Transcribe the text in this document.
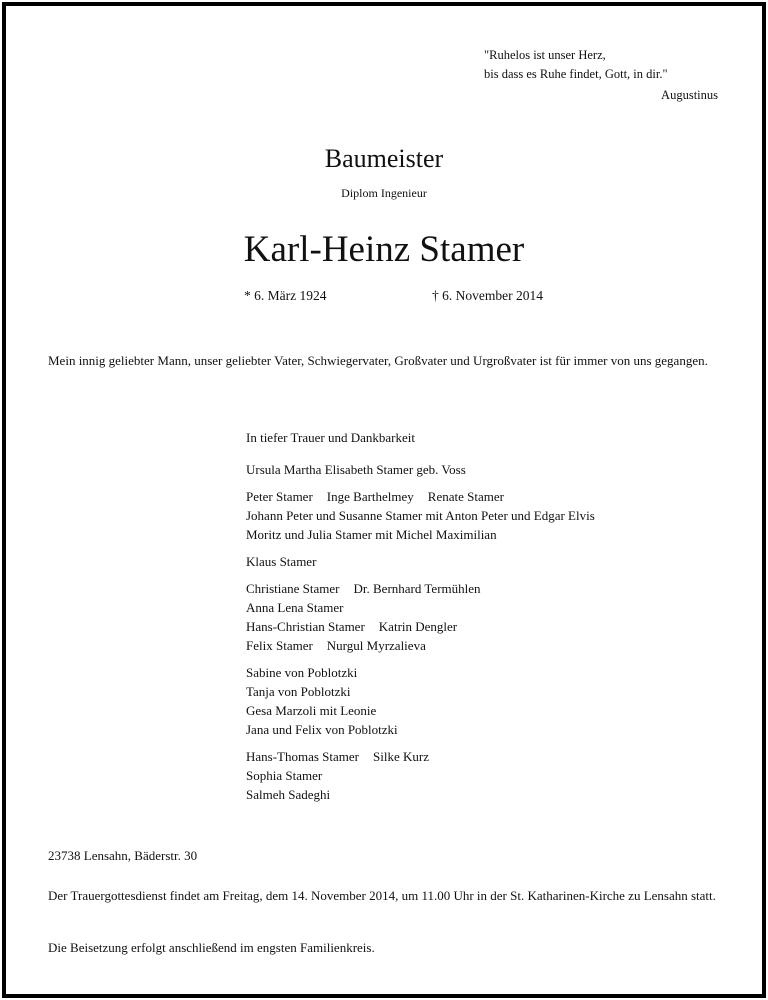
"Ruhelos ist unser Herz,
bis dass es Ruhe findet, Gott, in dir."
Augustinus
Baumeister
Diplom Ingenieur
Karl-Heinz Stamer
* 6. März 1924	† 6. November 2014
Mein innig geliebter Mann, unser geliebter Vater, Schwiegervater, Großvater und Urgroßvater ist für immer von uns gegangen.
In tiefer Trauer und Dankbarkeit
Ursula Martha Elisabeth Stamer geb. Voss
Peter Stamer Inge Barthelmey Renate Stamer
Johann Peter und Susanne Stamer mit Anton Peter und Edgar Elvis
Moritz und Julia Stamer mit Michel Maximilian
Klaus Stamer
Christiane Stamer Dr. Bernhard Termühlen
Anna Lena Stamer
Hans-Christian Stamer Katrin Dengler
Felix Stamer Nurgul Myrzalieva
Sabine von Poblotzki
Tanja von Poblotzki
Gesa Marzoli mit Leonie
Jana und Felix von Poblotzki
Hans-Thomas Stamer Silke Kurz
Sophia Stamer
Salmeh Sadeghi
23738 Lensahn, Bäderstr. 30
Der Trauergottesdienst findet am Freitag, dem 14. November 2014, um 11.00 Uhr in der St. Katharinen-Kirche zu Lensahn statt.
Die Beisetzung erfolgt anschließend im engsten Familienkreis.
